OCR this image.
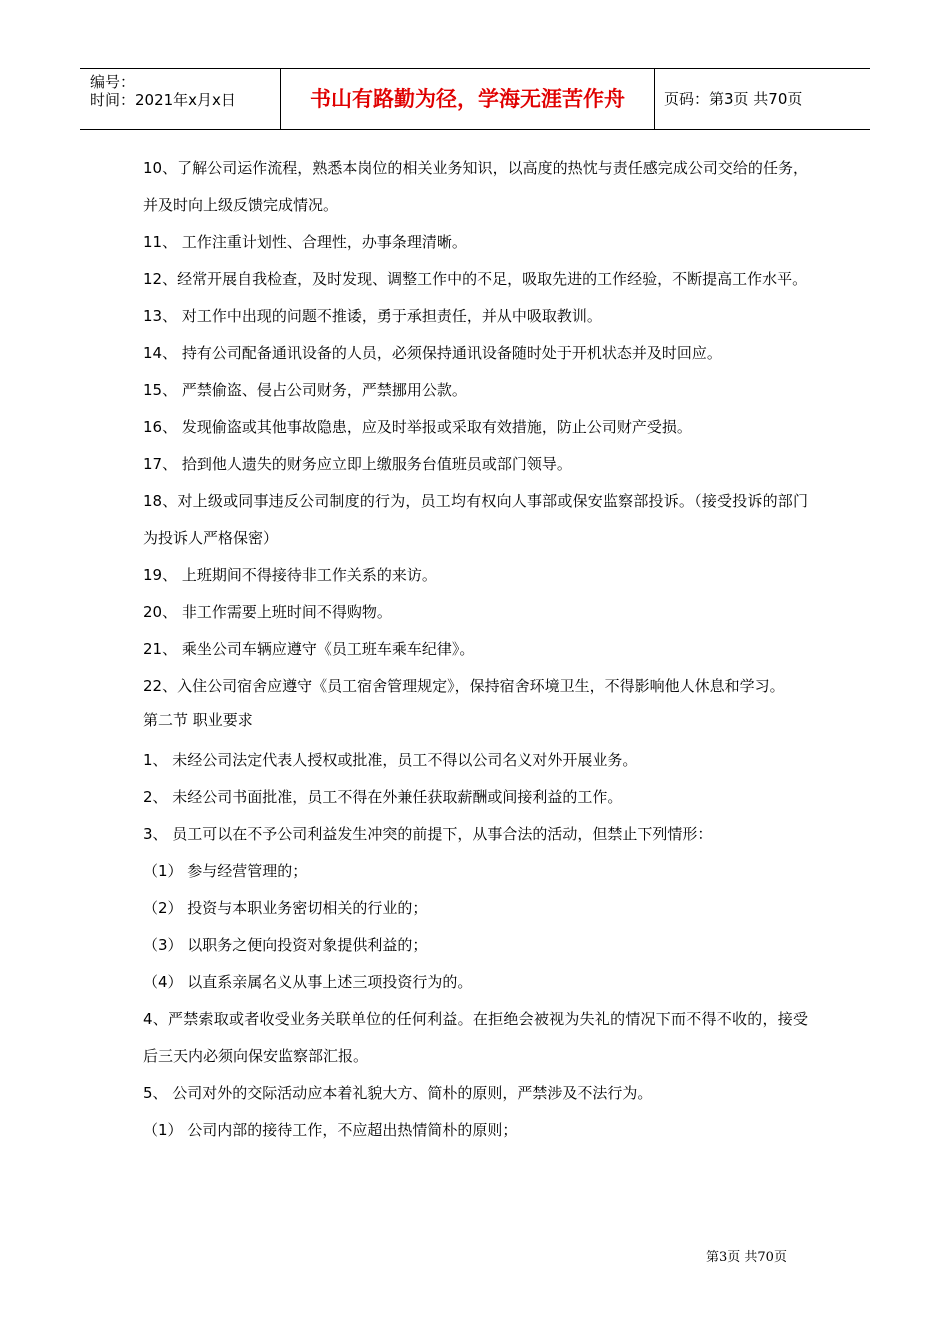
编号：
时间：2021年x月x日	书山有路勤为径，学海无涯苦作舟	页码：第3页 共70页

10、了解公司运作流程，熟悉本岗位的相关业务知识，以高度的热忱与责任感完成公司交给的任务，并及时向上级反馈完成情况。

11、 工作注重计划性、合理性，办事条理清晰。

12、经常开展自我检查，及时发现、调整工作中的不足，吸取先进的工作经验，不断提高工作水平。

13、 对工作中出现的问题不推诿，勇于承担责任，并从中吸取教训。

14、 持有公司配备通讯设备的人员，必须保持通讯设备随时处于开机状态并及时回应。

15、 严禁偷盗、侵占公司财务，严禁挪用公款。

16、 发现偷盗或其他事故隐患，应及时举报或采取有效措施，防止公司财产受损。

17、 拾到他人遗失的财务应立即上缴服务台值班员或部门领导。

18、对上级或同事违反公司制度的行为，员工均有权向人事部或保安监察部投诉。（接受投诉的部门为投诉人严格保密）

19、 上班期间不得接待非工作关系的来访。

20、 非工作需要上班时间不得购物。

21、 乘坐公司车辆应遵守《员工班车乘车纪律》。

22、入住公司宿舍应遵守《员工宿舍管理规定》，保持宿舍环境卫生，不得影响他人休息和学习。

第二节 职业要求

1、 未经公司法定代表人授权或批准，员工不得以公司名义对外开展业务。

2、 未经公司书面批准，员工不得在外兼任获取薪酬或间接利益的工作。

3、 员工可以在不予公司利益发生冲突的前提下，从事合法的活动，但禁止下列情形：

（1） 参与经营管理的；

（2） 投资与本职业务密切相关的行业的；

（3） 以职务之便向投资对象提供利益的；

（4） 以直系亲属名义从事上述三项投资行为的。

4、严禁索取或者收受业务关联单位的任何利益。在拒绝会被视为失礼的情况下而不得不收的，接受后三天内必须向保安监察部汇报。

5、 公司对外的交际活动应本着礼貌大方、简朴的原则，严禁涉及不法行为。

（1） 公司内部的接待工作，不应超出热情简朴的原则；

第3页 共70页
